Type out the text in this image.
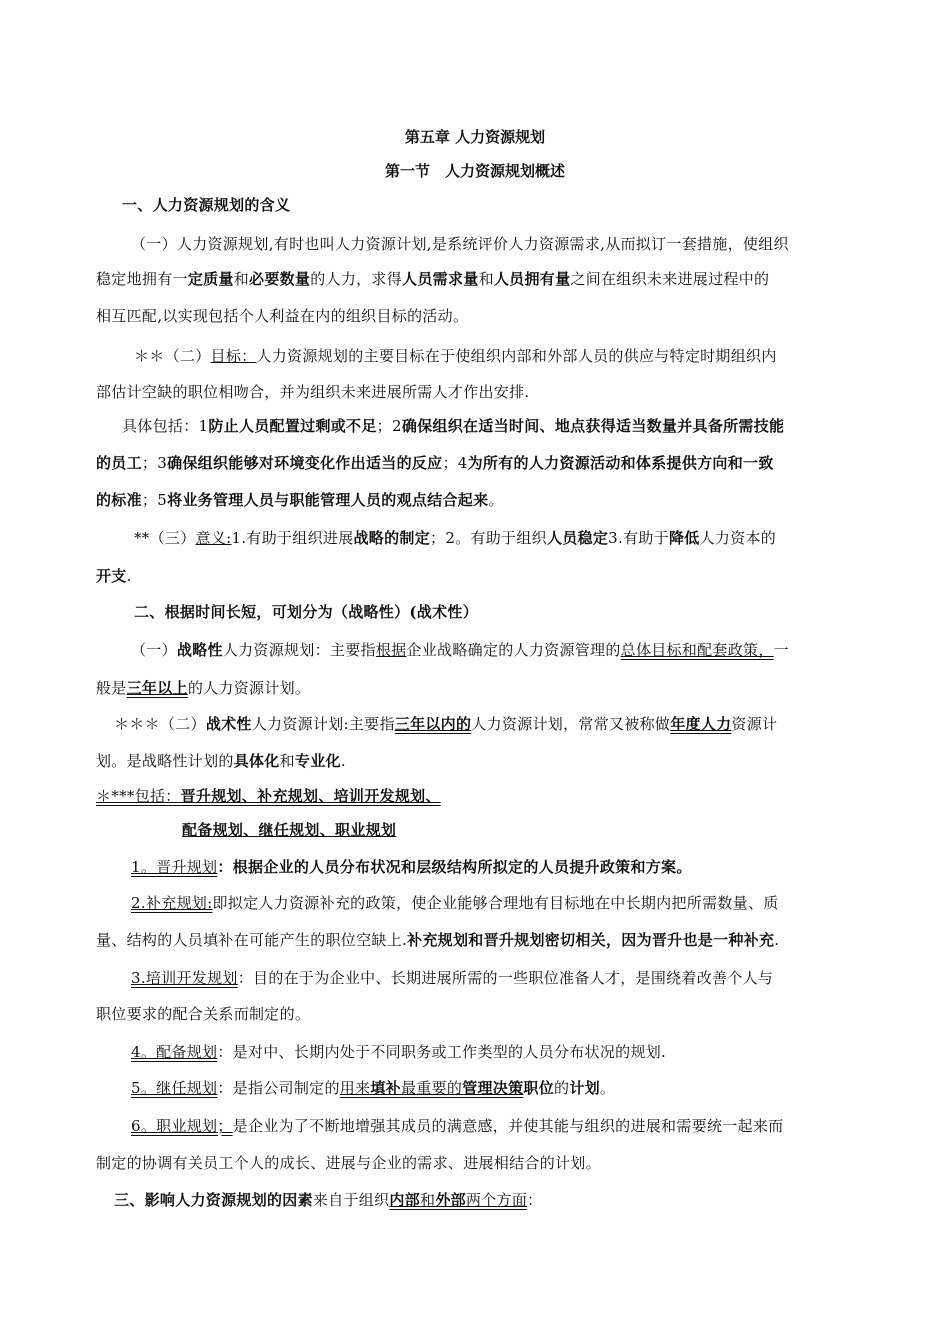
第五章 人力资源规划
第一节　人力资源规划概述
一、人力资源规划的含义
（一）人力资源规划,有时也叫人力资源计划,是系统评价人力资源需求,从而拟订一套措施，使组织
稳定地拥有一定质量和必要数量的人力，求得人员需求量和人员拥有量之间在组织未来进展过程中的
相互匹配,以实现包括个人利益在内的组织目标的活动。
＊＊（二）目标：人力资源规划的主要目标在于使组织内部和外部人员的供应与特定时期组织内
部估计空缺的职位相吻合，并为组织未来进展所需人才作出安排.
具体包括：1防止人员配置过剩或不足；2确保组织在适当时间、地点获得适当数量并具备所需技能
的员工；3确保组织能够对环境变化作出适当的反应；4为所有的人力资源活动和体系提供方向和一致
的标准；5将业务管理人员与职能管理人员的观点结合起来。
**（三）意义:1.有助于组织进展战略的制定；2。有助于组织人员稳定3.有助于降低人力资本的
开支.
二、根据时间长短，可划分为（战略性）(战术性）
（一）战略性人力资源规划：主要指根据企业战略确定的人力资源管理的总体目标和配套政策，一
般是三年以上的人力资源计划。
＊＊＊（二）战术性人力资源计划:主要指三年以内的人力资源计划，常常又被称做年度人力资源计
划。是战略性计划的具体化和专业化.
＊***包括：晋升规划、补充规划、培训开发规划、
配备规划、继任规划、职业规划
1。晋升规划：根据企业的人员分布状况和层级结构所拟定的人员提升政策和方案。
2.补充规划:即拟定人力资源补充的政策，使企业能够合理地有目标地在中长期内把所需数量、质
量、结构的人员填补在可能产生的职位空缺上.补充规划和晋升规划密切相关，因为晋升也是一种补充.
3.培训开发规划：目的在于为企业中、长期进展所需的一些职位准备人才，是围绕着改善个人与
职位要求的配合关系而制定的。
4。配备规划：是对中、长期内处于不同职务或工作类型的人员分布状况的规划.
5。继任规划：是指公司制定的用来填补最重要的管理决策职位的计划。
6。职业规划；是企业为了不断地增强其成员的满意感，并使其能与组织的进展和需要统一起来而
制定的协调有关员工个人的成长、进展与企业的需求、进展相结合的计划。
三、影响人力资源规划的因素来自于组织内部和外部两个方面：
